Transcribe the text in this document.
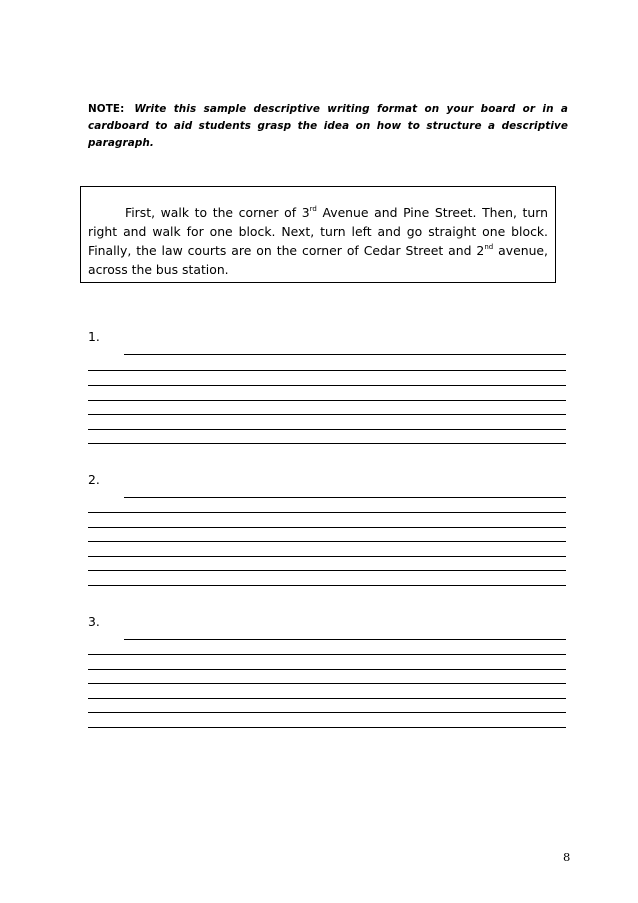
NOTE: Write this sample descriptive writing format on your board or in a cardboard to aid students grasp the idea on how to structure a descriptive paragraph.

First, walk to the corner of 3rd Avenue and Pine Street. Then, turn right and walk for one block. Next, turn left and go straight one block. Finally, the law courts are on the corner of Cedar Street and 2nd avenue, across the bus station.

1.
2.
3.
8
